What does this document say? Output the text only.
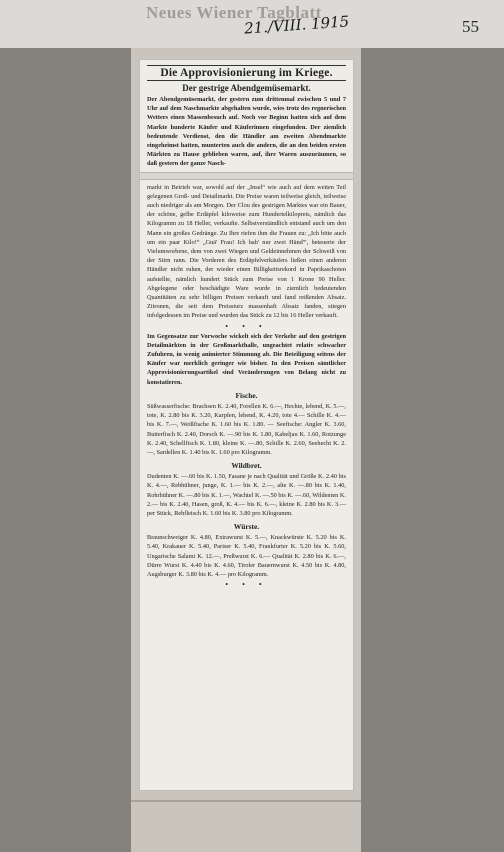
Neues Wiener Tagblatt
21./VIII. 1915	55
Die Approvisionierung im Kriege.
Der gestrige Abendgemüsemarkt.

Der Abendgemüsemarkt, der gestern zum drittenmal zwischen 5 und 7 Uhr auf dem Naschmarkte abgehalten wurde, wies trotz des regnerischen Wetters einen Massenbesuch auf. Noch vor Beginn hatten sich auf dem Markte hunderte Käufer und Käuferinnen eingefunden. Der ziemlich bedeutende Verdienst, den die Händler am zweiten Abendmarkte eingeheimst hatten, munterten auch die andern, die an den beiden ersten Märkten zu Hause geblieben waren, auf, ihre Waren auszuräumen, so daß gestern der ganze Nasch-

markt in Betrieb war, sowohl auf der „Insel“ wie auch auf dem weiten Teil gelegenen Groß- und Detailmarkt. Die Preise waren teilweise gleich, teilweise auch niedriger als am Morgen. Der Clou des gestrigen Marktes war ein Bauer, der schöne, gelbe Erdäpfel kiloweise zum Hundertelkilopreis, nämlich das Kilogramm zu 18 Heller, verkaufte. Selbstverständlich entstand auch um den Mann ein großes Gedränge. Zu Ihre riefen ihm die Frauen zu: „Ich bitte auch um ein paar Kilo!“ „Gnä' Frau! Ich hab' nur zwei Händ'“, beteuerte der Vielumworbene, dem von zwei Wiegen und Geldeinnehmen der Schweiß von der Stirn rann. Die Vorderen des Erdäpfelverkäufers ließen einen anderen Händler nicht ruhen, der wieder einen Billigkeitsrekord in Paprikaschoten aufstellte, nämlich hundert Stück zum Preise von 1 Krone 90 Heller. Abgelegene oder beschädigte Ware wurde in ziemlich bedeutenden Quantitäten zu sehr billigen Preisen verkauft und fand reißenden Absatz. Zitronen, die seit dem Preissturz massenhaft Absatz fanden, stiegen infolgedessen im Preise und wurden das Stück zu 12 bis 16 Heller verkauft.

• • •

Im Gegensatze zur Vorwoche wickelt sich der Verkehr auf den gestrigen Detailmärkten in der Großmarkthalle, ungeachtet relativ schwacher Zufuhren, in wenig animierter Stimmung ab. Die Beteiligung seitens der Käufer war merklich geringer wie bisher. In den Preisen sämtlicher Approvisionierungsartikel sind Veränderungen von Belang nicht zu konstatieren.

Fische.

Süßwasserfische: Brachsen K. 2.40, Forellen K. 6.—, Hechte, lebend, K. 5.—, tote, K. 2.80 bis K. 3.20, Karpfen, lebend, K. 4.20, tote 4.— Schille K. 4.— bis K. 7.—, Weißfische K. 1.60 bis K. 1.80. — Seefische: Angler K. 3.60, Butterfisch K. 2.40, Dorsch K. —.90 bis K. 1.80, Kabeljau K. 1.60, Rotzunge K. 2.40, Schellfisch K. 1.80, kleine K. —.80, Schille K. 2.60, Seehecht K. 2.—, Sardellen K. 1.40 bis K. 1.60 pro Kilogramm.

Wildbret.

Dudenten K. —.60 bis K. 1.50, Fasane je nach Qualität und Größe K. 2.40 bis K. 4.—, Rebhühner, junge, K. 1.— bis K. 2.—, alte K. —.80 bis K. 1.40, Rohrhühner K. —.80 bis K. 1.—, Wachtel K. —.50 bis K. —.60, Wildenten K. 2.— bis K. 2.40, Hasen, groß, K. 4.— bis K. 6.—, kleine K. 2.80 bis K. 3.— per Stück, Rehfleisch K. 1.60 bis K. 3.80 pro Kilogramm.

Würste.

Braunschweiger K. 4.80, Extrawurst K. 5.—, Knackwürste K. 5.20 bis K. 5.40, Krakauer K. 5.40, Pariser K. 5.40, Frankfurter K. 5.20 bis K. 5.60, Ungarische Salami K. 12.—, Preßwurst K. 6.— Qualität K. 2.80 bis K. 6.—, Dürre Wurst K. 4.40 bis K. 4.60, Tiroler Bauernwurst K. 4.50 bis K. 4.80, Augsburger K. 3.80 bis K. 4.— pro Kilogramm.

• • •
